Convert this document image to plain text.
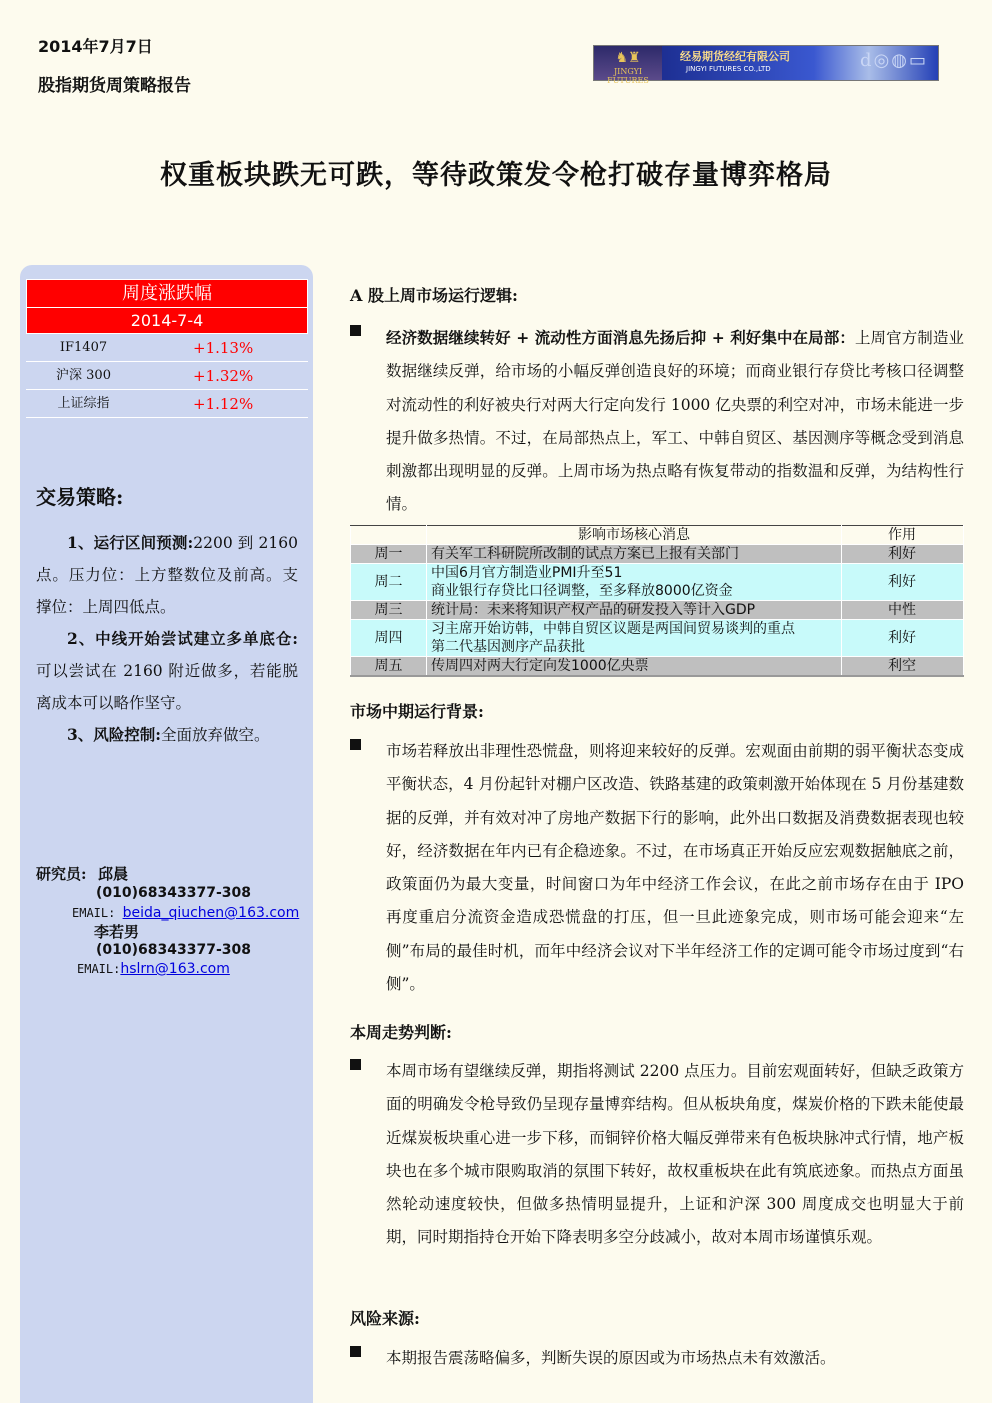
2014年7月7日
股指期货周策略报告
♞♜
JINGYI FUTURES
经易期货经纪有限公司
JINGYI FUTURES CO.,LTD	d◎◍▭
权重板块跌无可跌，等待政策发令枪打破存量博弈格局
周度涨跌幅
2014-7-4
IF1407	+1.13%
沪深 300	+1.32%
上证综指	+1.12%
交易策略:

1、运行区间预测:2200 到 2160 点。压力位：上方整数位及前高。支撑位：上周四低点。

2、中线开始尝试建立多单底仓:可以尝试在 2160 附近做多，若能脱离成本可以略作坚守。

3、风险控制:全面放弃做空。

研究员: 邱晨
(010)68343377-308
EMAIL: beida_qiuchen@163.com
李若男
(010)68343377-308
EMAIL:hslrn@163.com
A 股上周市场运行逻辑:
经济数据继续转好 + 流动性方面消息先扬后抑 + 利好集中在局部：上周官方制造业数据继续反弹，给市场的小幅反弹创造良好的环境；而商业银行存贷比考核口径调整对流动性的利好被央行对两大行定向发行 1000 亿央票的利空对冲，市场未能进一步提升做多热情。不过，在局部热点上，军工、中韩自贸区、基因测序等概念受到消息刺激都出现明显的反弹。上周市场为热点略有恢复带动的指数温和反弹，为结构性行情。
	影响市场核心消息	作用
周一	有关军工科研院所改制的试点方案已上报有关部门	利好
周二	中国6月官方制造业PMI升至51
商业银行存贷比口径调整，至多释放8000亿资金	利好
周三	统计局：未来将知识产权产品的研发投入等计入GDP	中性
周四	习主席开始访韩，中韩自贸区议题是两国间贸易谈判的重点
第二代基因测序产品获批	利好
周五	传周四对两大行定向发1000亿央票	利空
市场中期运行背景:
市场若释放出非理性恐慌盘，则将迎来较好的反弹。宏观面由前期的弱平衡状态变成平衡状态，4 月份起针对棚户区改造、铁路基建的政策刺激开始体现在 5 月份基建数据的反弹，并有效对冲了房地产数据下行的影响，此外出口数据及消费数据表现也较好，经济数据在年内已有企稳迹象。不过，在市场真正开始反应宏观数据触底之前，政策面仍为最大变量，时间窗口为年中经济工作会议，在此之前市场存在由于 IPO 再度重启分流资金造成恐慌盘的打压，但一旦此迹象完成，则市场可能会迎来“左侧”布局的最佳时机，而年中经济会议对下半年经济工作的定调可能令市场过度到“右侧”。
本周走势判断:
本周市场有望继续反弹，期指将测试 2200 点压力。目前宏观面转好，但缺乏政策方面的明确发令枪导致仍呈现存量博弈结构。但从板块角度，煤炭价格的下跌未能使最近煤炭板块重心进一步下移，而铜锌价格大幅反弹带来有色板块脉冲式行情，地产板块也在多个城市限购取消的氛围下转好，故权重板块在此有筑底迹象。而热点方面虽然轮动速度较快，但做多热情明显提升，上证和沪深 300 周度成交也明显大于前期，同时期指持仓开始下降表明多空分歧减小，故对本周市场谨慎乐观。
风险来源:
本期报告震荡略偏多，判断失误的原因或为市场热点未有效激活。
